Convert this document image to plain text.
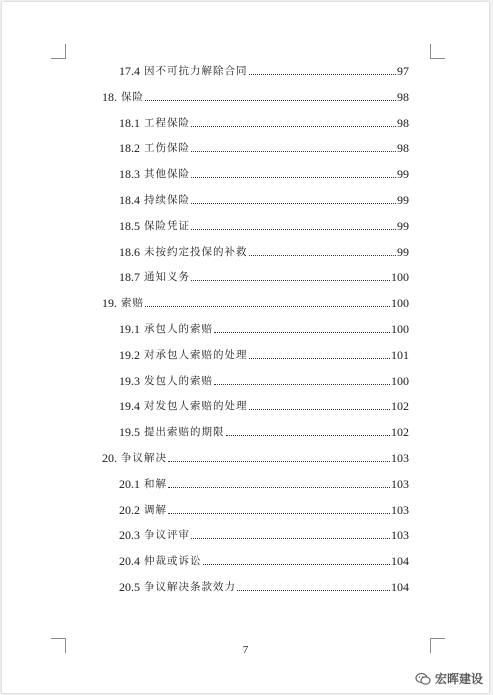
17.4 因不可抗力解除合同	97
18. 保险	98
18.1 工程保险	98
18.2 工伤保险	98
18.3 其他保险	99
18.4 持续保险	99
18.5 保险凭证	99
18.6 未按约定投保的补救	99
18.7 通知义务	100
19. 索赔	100
19.1 承包人的索赔	100
19.2 对承包人索赔的处理	101
19.3 发包人的索赔	100
19.4 对发包人索赔的处理	102
19.5 提出索赔的期限	102
20. 争议解决	103
20.1 和解	103
20.2 调解	103
20.3 争议评审	103
20.4 仲裁或诉讼	104
20.5 争议解决条款效力	104
7
宏晖建设
